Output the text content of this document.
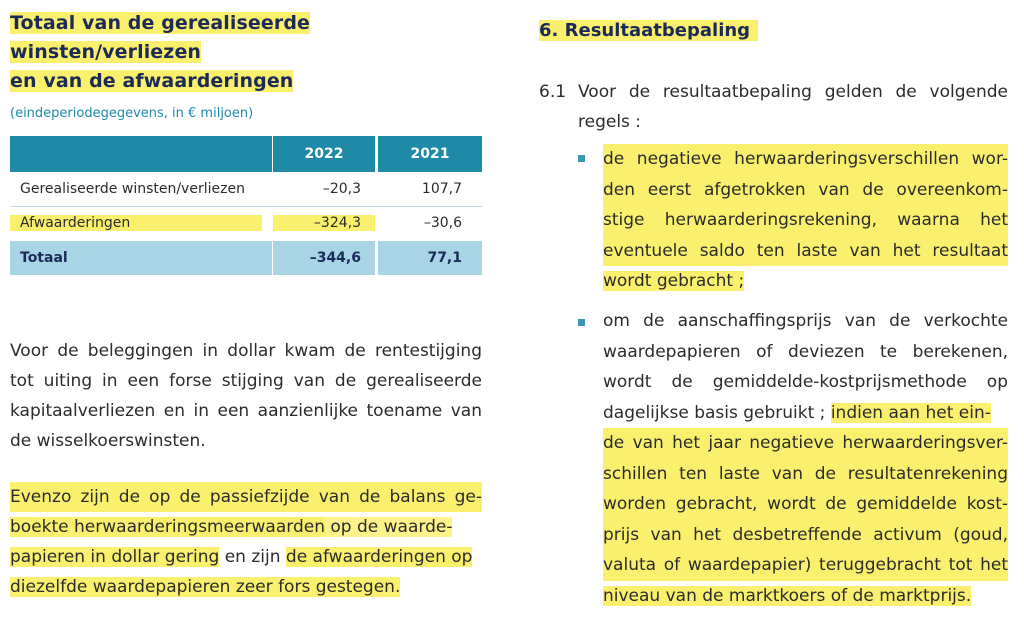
Totaal van de gerealiseerde winsten/verliezen
en van de afwaarderingen
(eindeperiodegegevens, in € miljoen)
2022	2021
Gerealiseerde winsten/verliezen	–20,3	107,7
Afwaarderingen	–324,3	–30,6
Totaal	–344,6	77,1
Voor de beleggingen in dollar kwam de rentestijging
tot uiting in een forse stijging van de gerealiseerde
kapitaalverliezen en in een aanzienlijke toename van
de wisselkoerswinsten.
Evenzo zijn de op de passiefzijde van de balans ge-
boekte herwaarderingsmeerwaarden op de waarde-
papieren in dollar gering en zijn de afwaarderingen op
diezelfde waardepapieren zeer fors gestegen.
6. Resultaatbepaling
6.1 Voor de resultaatbepaling gelden de volgende
regels :
de negatieve herwaarderingsverschillen wor-
den eerst afgetrokken van de overeenkom-
stige herwaarderingsrekening, waarna het
eventuele saldo ten laste van het resultaat
wordt gebracht ;
om de aanschaffingsprijs van de verkochte
waardepapieren of deviezen te berekenen,
wordt de gemiddelde-kostprijsmethode op
dagelijkse basis gebruikt ; indien aan het ein-
de van het jaar negatieve herwaarderingsver-
schillen ten laste van de resultatenrekening
worden gebracht, wordt de gemiddelde kost-
prijs van het desbetreffende activum (goud,
valuta of waardepapier) teruggebracht tot het
niveau van de marktkoers of de marktprijs.
